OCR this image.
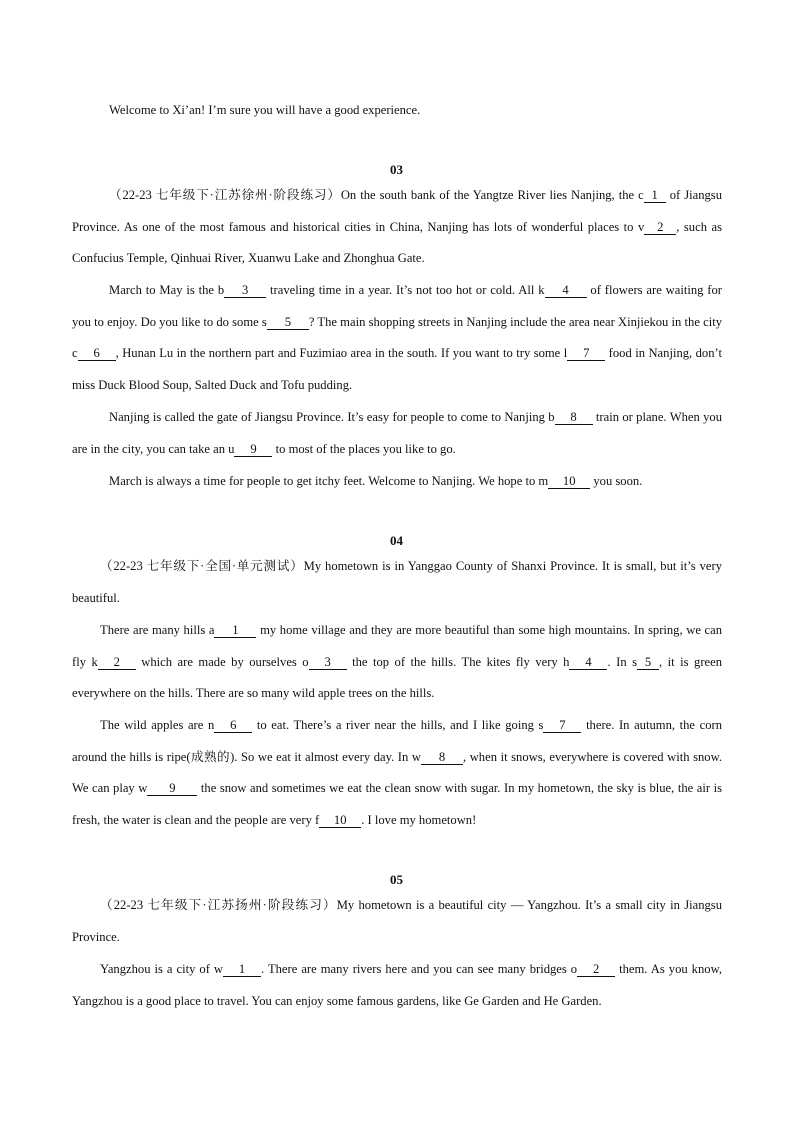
Welcome to Xi’an! I’m sure you will have a good experience.

03

（22-23 七年级下·江苏徐州·阶段练习）On the south bank of the Yangtze River lies Nanjing, the c 1 of Jiangsu Province. As one of the most famous and historical cities in China, Nanjing has lots of wonderful places to v 2 , such as Confucius Temple, Qinhuai River, Xuanwu Lake and Zhonghua Gate.

March to May is the b 3 traveling time in a year. It’s not too hot or cold. All k 4 of flowers are waiting for you to enjoy. Do you like to do some s 5 ? The main shopping streets in Nanjing include the area near Xinjiekou in the city c 6 , Hunan Lu in the northern part and Fuzimiao area in the south. If you want to try some l 7 food in Nanjing, don’t miss Duck Blood Soup, Salted Duck and Tofu pudding.

Nanjing is called the gate of Jiangsu Province. It’s easy for people to come to Nanjing b 8 train or plane. When you are in the city, you can take an u 9 to most of the places you like to go.

March is always a time for people to get itchy feet. Welcome to Nanjing. We hope to m 10 you soon.

04

（22-23 七年级下·全国·单元测试）My hometown is in Yanggao County of Shanxi Province. It is small, but it’s very beautiful.

There are many hills a 1 my home village and they are more beautiful than some high mountains. In spring, we can fly k 2 which are made by ourselves o 3 the top of the hills. The kites fly very h 4 . In s 5 , it is green everywhere on the hills. There are so many wild apple trees on the hills.

The wild apples are n 6 to eat. There’s a river near the hills, and I like going s 7 there. In autumn, the corn around the hills is ripe(成熟的). So we eat it almost every day. In w 8 , when it snows, everywhere is covered with snow. We can play w 9 the snow and sometimes we eat the clean snow with sugar. In my hometown, the sky is blue, the air is fresh, the water is clean and the people are very f 10 . I love my hometown!

05

（22-23 七年级下·江苏扬州·阶段练习）My hometown is a beautiful city — Yangzhou. It’s a small city in Jiangsu Province.

Yangzhou is a city of w 1 . There are many rivers here and you can see many bridges o 2 them. As you know, Yangzhou is a good place to travel. You can enjoy some famous gardens, like Ge Garden and He Garden.
